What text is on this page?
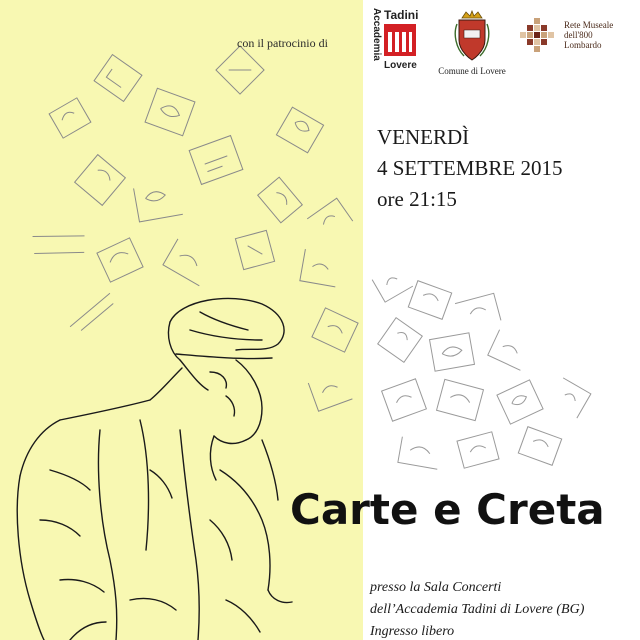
con il patrocinio di	Accademia Tadini
Lovere	Comune di Lovere
Rete Museale
dell'800
Lombardo
VENERDÌ
4 SETTEMBRE 2015
ore 21:15
Carte e Creta
presso la Sala Concerti
dell’Accademia Tadini di Lovere (BG)
Ingresso libero
